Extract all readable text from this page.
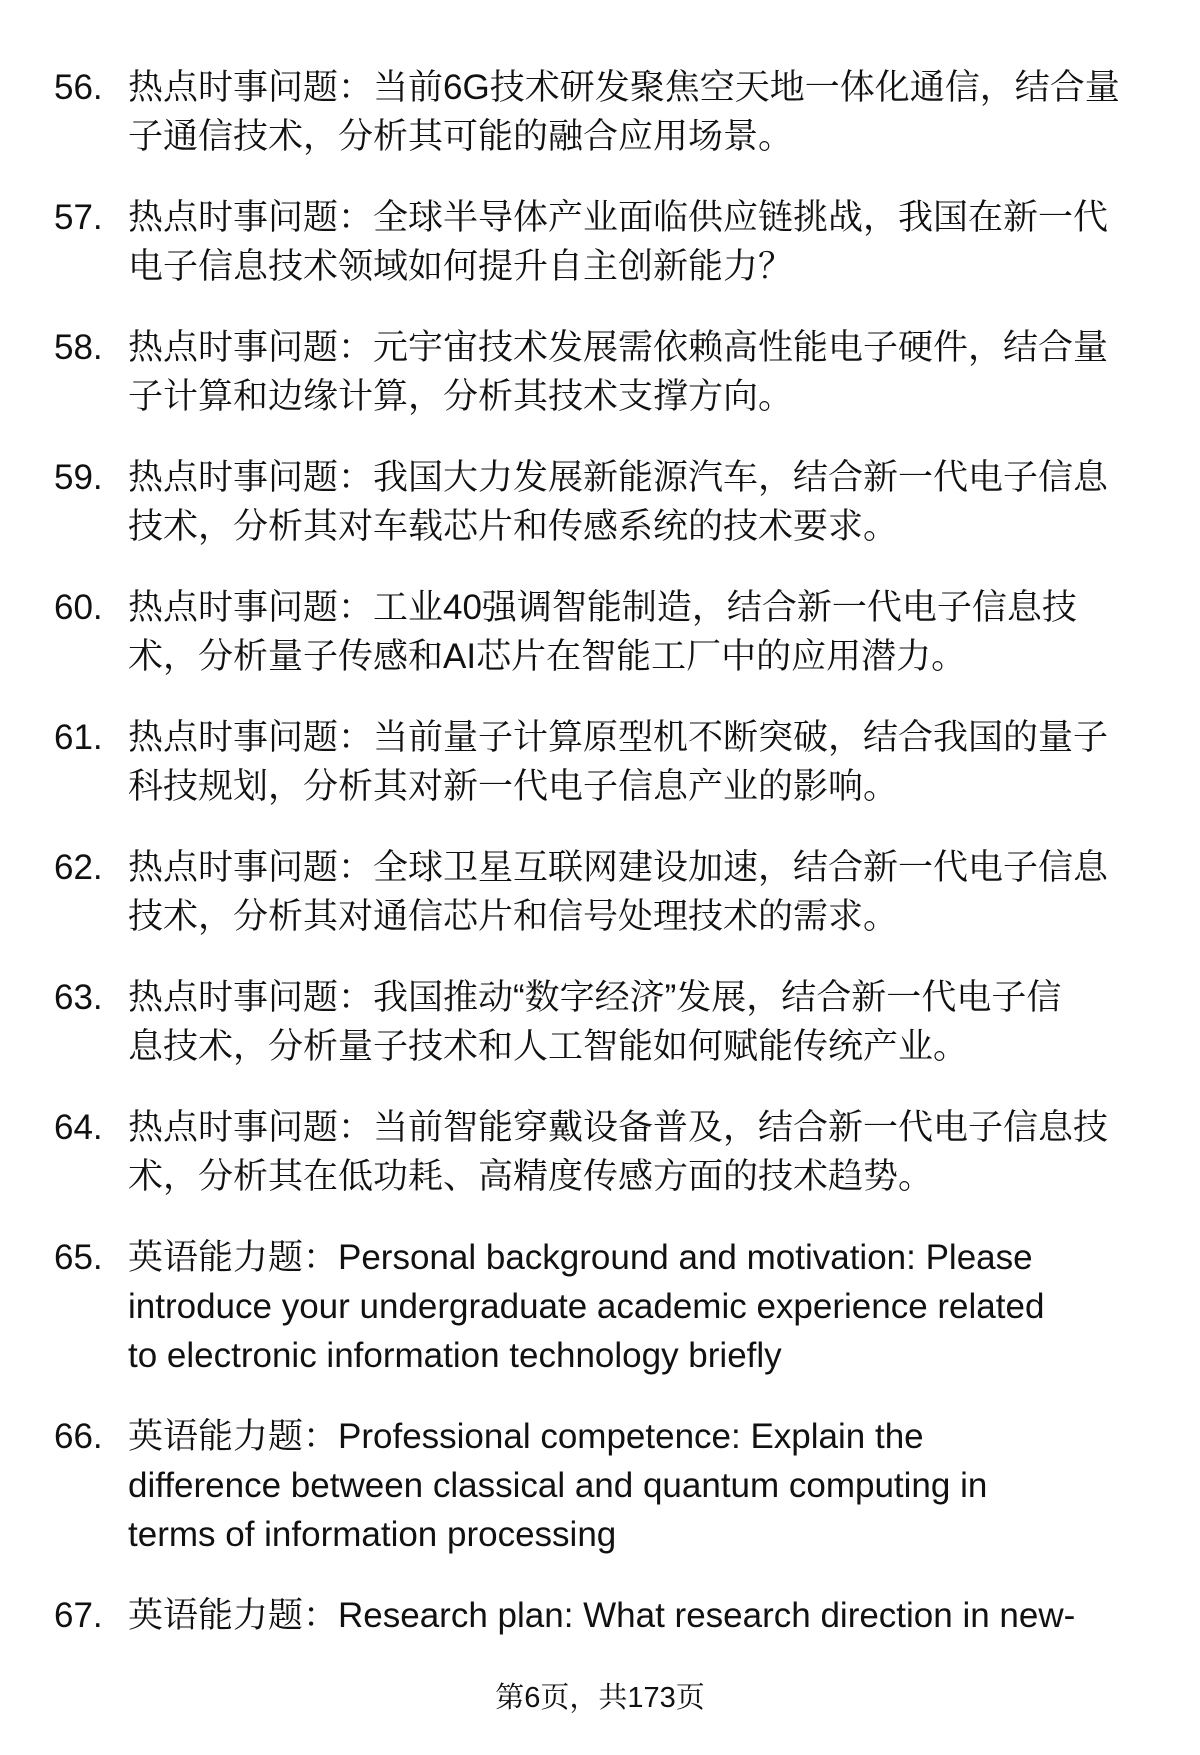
56. 热点时事问题：当前6G技术研发聚焦空天地一体化通信，结合量
子通信技术，分析其可能的融合应用场景。
57. 热点时事问题：全球半导体产业面临供应链挑战，我国在新一代
电子信息技术领域如何提升自主创新能力？
58. 热点时事问题：元宇宙技术发展需依赖高性能电子硬件，结合量
子计算和边缘计算，分析其技术支撑方向。
59. 热点时事问题：我国大力发展新能源汽车，结合新一代电子信息
技术，分析其对车载芯片和传感系统的技术要求。
60. 热点时事问题：工业40强调智能制造，结合新一代电子信息技
术，分析量子传感和AI芯片在智能工厂中的应用潜力。
61. 热点时事问题：当前量子计算原型机不断突破，结合我国的量子
科技规划，分析其对新一代电子信息产业的影响。
62. 热点时事问题：全球卫星互联网建设加速，结合新一代电子信息
技术，分析其对通信芯片和信号处理技术的需求。
63. 热点时事问题：我国推动“数字经济”发展，结合新一代电子信
息技术，分析量子技术和人工智能如何赋能传统产业。
64. 热点时事问题：当前智能穿戴设备普及，结合新一代电子信息技
术，分析其在低功耗、高精度传感方面的技术趋势。
65. 英语能力题：Personal background and motivation: Please
introduce your undergraduate academic experience related
to electronic information technology briefly
66. 英语能力题：Professional competence: Explain the
difference between classical and quantum computing in
terms of information processing
67. 英语能力题：Research plan: What research direction in new-
第6页，共173页
